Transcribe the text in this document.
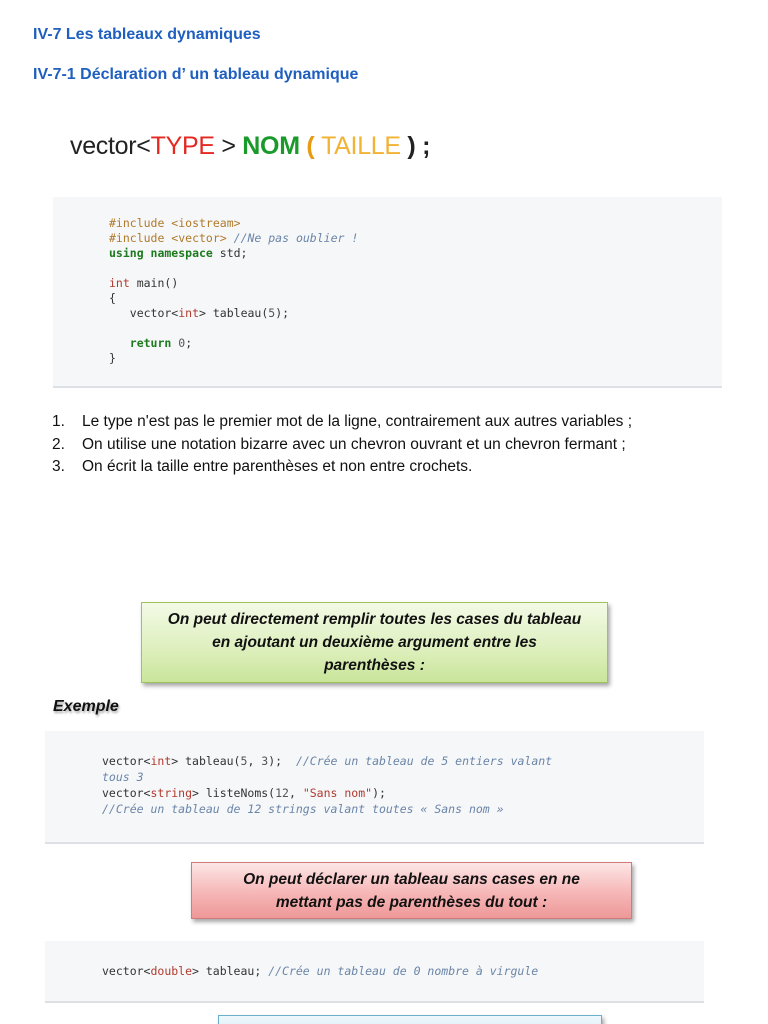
IV-7 Les tableaux dynamiques
IV-7-1 Déclaration d’ un tableau dynamique
vector<TYPE > NOM ( TAILLE ) ;
#include <iostream>
#include <vector> //Ne pas oublier !
using namespace std;

int main()
{
vector<int> tableau(5);

return 0;
}
1.	Le type n'est pas le premier mot de la ligne, contrairement aux autres variables ;
2.	On utilise une notation bizarre avec un chevron ouvrant et un chevron fermant ;
3.	On écrit la taille entre parenthèses et non entre crochets.
On peut directement remplir toutes les cases du tableau
en ajoutant un deuxième argument entre les
parenthèses :
Exemple
vector<int> tableau(5, 3);  //Crée un tableau de 5 entiers valant
tous 3
vector<string> listeNoms(12, "Sans nom");
//Crée un tableau de 12 strings valant toutes « Sans nom »
On peut déclarer un tableau sans cases en ne
mettant pas de parenthèses du tout :
vector<double> tableau; //Crée un tableau de 0 nombre à virgule
